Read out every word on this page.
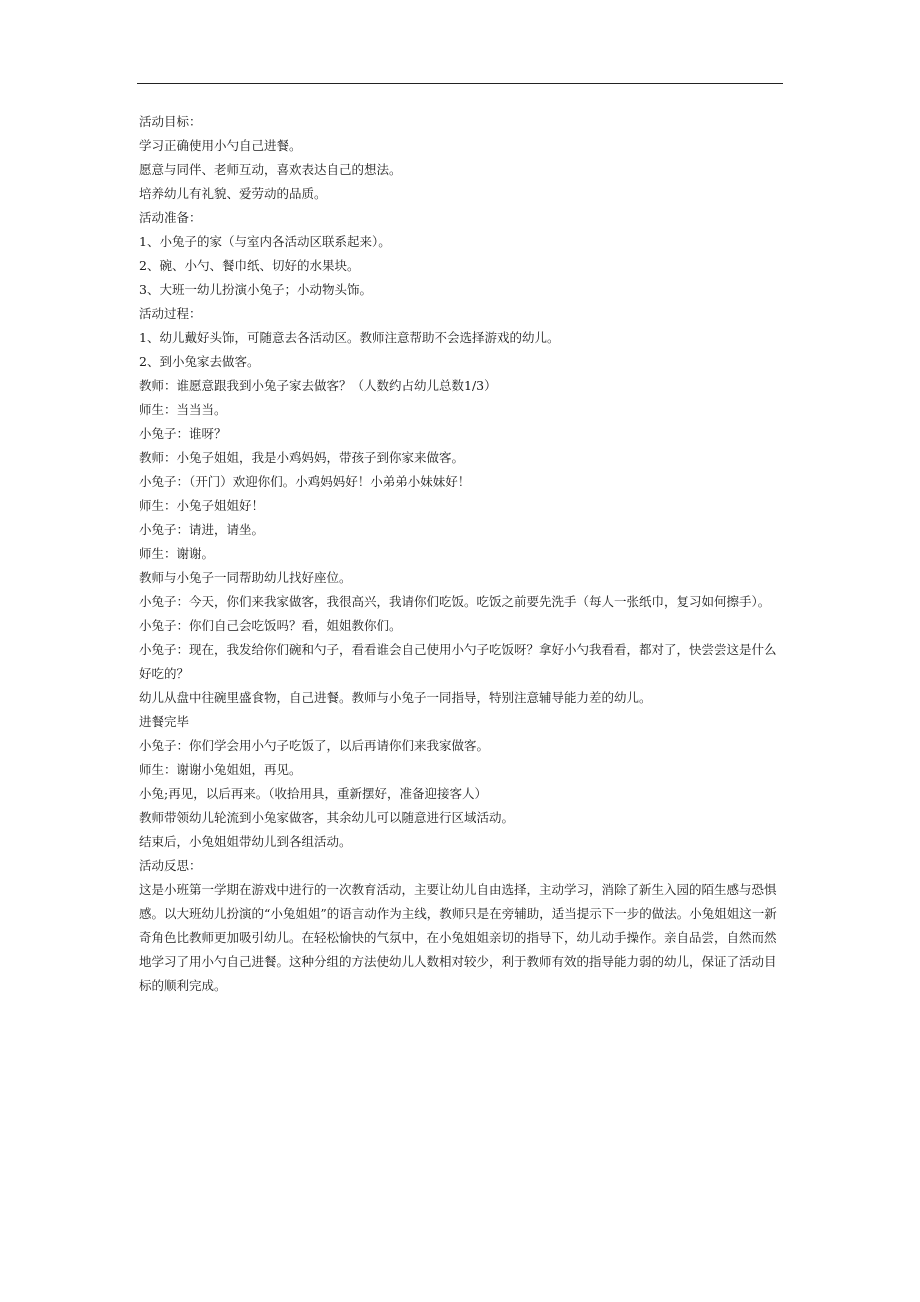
活动目标：

学习正确使用小勺自己进餐。

愿意与同伴、老师互动，喜欢表达自己的想法。

培养幼儿有礼貌、爱劳动的品质。

活动准备：

1、小兔子的家（与室内各活动区联系起来）。

2、碗、小勺、餐巾纸、切好的水果块。

3、大班一幼儿扮演小兔子；小动物头饰。

活动过程：

1、幼儿戴好头饰，可随意去各活动区。教师注意帮助不会选择游戏的幼儿。

2、到小兔家去做客。

教师：谁愿意跟我到小兔子家去做客？（人数约占幼儿总数1/3）

师生：当当当。

小兔子：谁呀？

教师：小兔子姐姐，我是小鸡妈妈，带孩子到你家来做客。

小兔子：（开门）欢迎你们。小鸡妈妈好！小弟弟小妹妹好！

师生：小兔子姐姐好！

小兔子：请进，请坐。

师生：谢谢。

教师与小兔子一同帮助幼儿找好座位。

小兔子：今天，你们来我家做客，我很高兴，我请你们吃饭。吃饭之前要先洗手（每人一张纸巾，复习如何擦手）。

小兔子：你们自己会吃饭吗？看，姐姐教你们。

小兔子：现在，我发给你们碗和勺子，看看谁会自己使用小勺子吃饭呀？拿好小勺我看看，都对了，快尝尝这是什么好吃的？

幼儿从盘中往碗里盛食物，自己进餐。教师与小兔子一同指导，特别注意辅导能力差的幼儿。

进餐完毕

小兔子：你们学会用小勺子吃饭了，以后再请你们来我家做客。

师生：谢谢小兔姐姐，再见。

小兔;再见，以后再来。（收拾用具，重新摆好，准备迎接客人）

教师带领幼儿轮流到小兔家做客，其余幼儿可以随意进行区域活动。

结束后，小兔姐姐带幼儿到各组活动。

活动反思：

这是小班第一学期在游戏中进行的一次教育活动，主要让幼儿自由选择，主动学习，消除了新生入园的陌生感与恐惧感。以大班幼儿扮演的“小兔姐姐”的语言动作为主线，教师只是在旁辅助，适当提示下一步的做法。小兔姐姐这一新奇角色比教师更加吸引幼儿。在轻松愉快的气氛中，在小兔姐姐亲切的指导下，幼儿动手操作。亲自品尝，自然而然地学习了用小勺自己进餐。这种分组的方法使幼儿人数相对较少，利于教师有效的指导能力弱的幼儿，保证了活动目标的顺利完成。
